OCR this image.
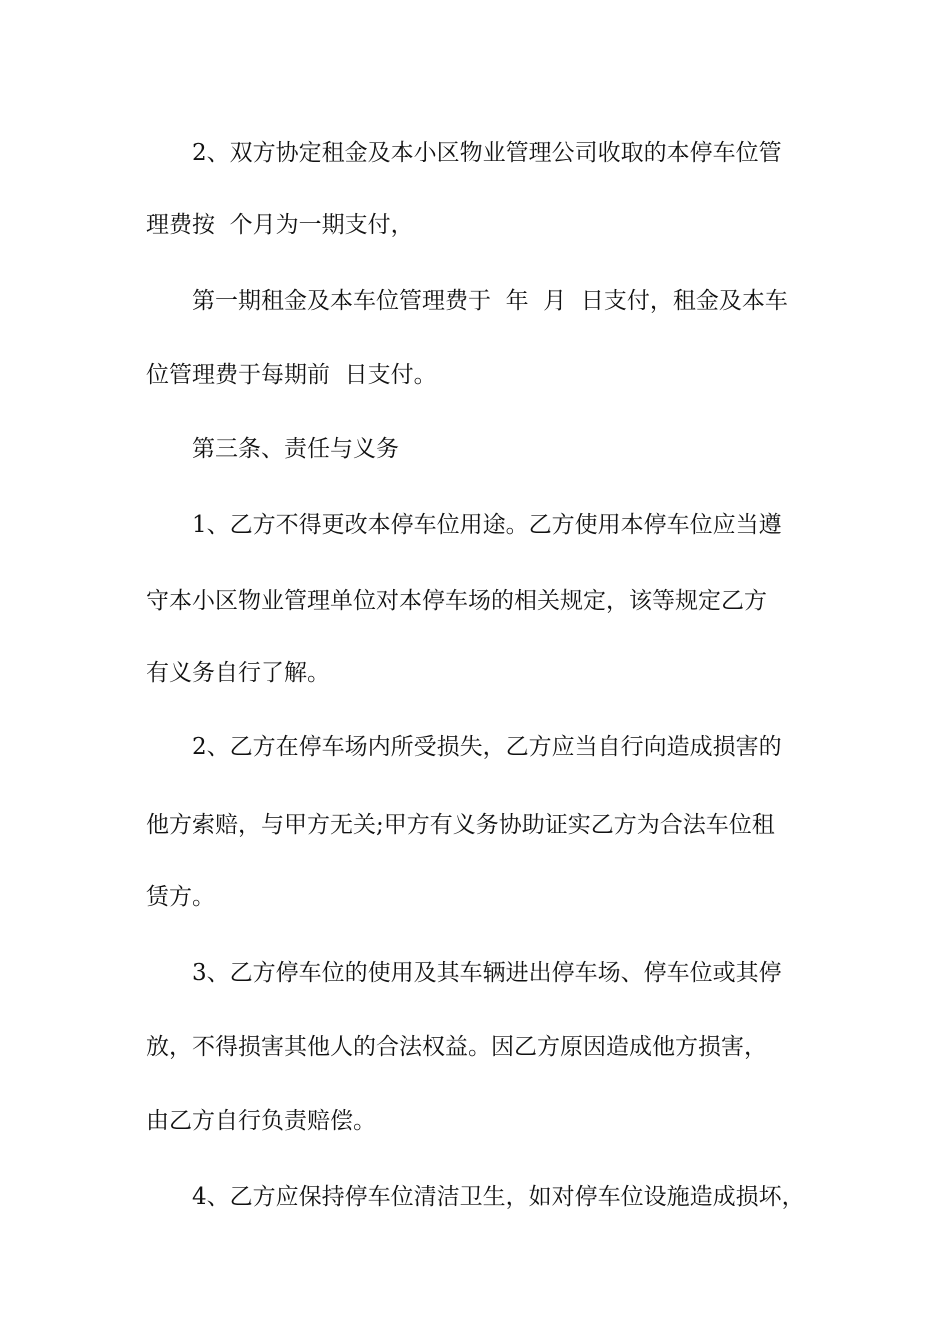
2、双方协定租金及本小区物业管理公司收取的本停车位管
理费按  个月为一期支付，
第一期租金及本车位管理费于  年  月  日支付，租金及本车
位管理费于每期前  日支付。
第三条、责任与义务
1、乙方不得更改本停车位用途。乙方使用本停车位应当遵
守本小区物业管理单位对本停车场的相关规定，该等规定乙方
有义务自行了解。
2、乙方在停车场内所受损失，乙方应当自行向造成损害的
他方索赔，与甲方无关;甲方有义务协助证实乙方为合法车位租
赁方。
3、乙方停车位的使用及其车辆进出停车场、停车位或其停
放，不得损害其他人的合法权益。因乙方原因造成他方损害，
由乙方自行负责赔偿。
4、乙方应保持停车位清洁卫生，如对停车位设施造成损坏，
